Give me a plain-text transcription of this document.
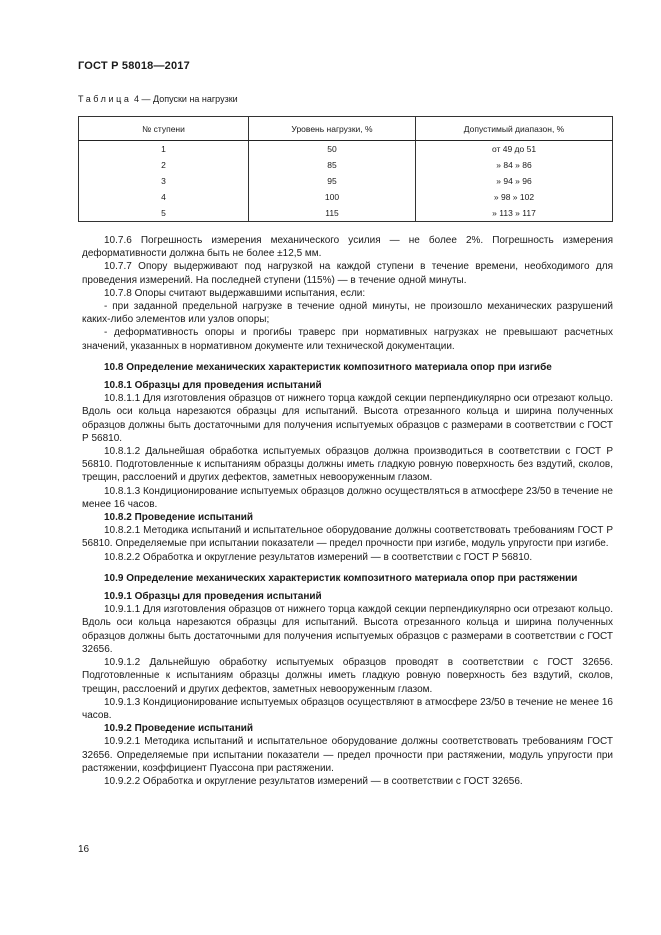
ГОСТ Р 58018—2017
Таблица 4 — Допуски на нагрузки
№ ступени	Уровень нагрузки, %	Допустимый диапазон, %
1	50	от 49 до 51
2	85	» 84 » 86
3	95	» 94 » 96
4	100	» 98 » 102
5	115	» 113 » 117

10.7.6 Погрешность измерения механического усилия — не более 2%. Погрешность измерения деформативности должна быть не более ±12,5 мм.

10.7.7 Опору выдерживают под нагрузкой на каждой ступени в течение времени, необходимого для проведения измерений. На последней ступени (115%) — в течение одной минуты.

10.7.8 Опоры считают выдержавшими испытания, если:

- при заданной предельной нагрузке в течение одной минуты, не произошло механических разрушений каких-либо элементов или узлов опоры;

- деформативность опоры и прогибы траверс при нормативных нагрузках не превышают расчетных значений, указанных в нормативном документе или технической документации.

10.8 Определение механических характеристик композитного материала опор при изгибе

10.8.1 Образцы для проведения испытаний

10.8.1.1 Для изготовления образцов от нижнего торца каждой секции перпендикулярно оси отрезают кольцо. Вдоль оси кольца нарезаются образцы для испытаний. Высота отрезанного кольца и ширина полученных образцов должны быть достаточными для получения испытуемых образцов с размерами в соответствии с ГОСТ Р 56810.

10.8.1.2 Дальнейшая обработка испытуемых образцов должна производиться в соответствии с ГОСТ Р 56810. Подготовленные к испытаниям образцы должны иметь гладкую ровную поверхность без вздутий, сколов, трещин, расслоений и других дефектов, заметных невооруженным глазом.

10.8.1.3 Кондиционирование испытуемых образцов должно осуществляться в атмосфере 23/50 в течение не менее 16 часов.

10.8.2 Проведение испытаний

10.8.2.1 Методика испытаний и испытательное оборудование должны соответствовать требованиям ГОСТ Р 56810. Определяемые при испытании показатели — предел прочности при изгибе, модуль упругости при изгибе.

10.8.2.2 Обработка и округление результатов измерений — в соответствии с ГОСТ Р 56810.

10.9 Определение механических характеристик композитного материала опор при растяжении

10.9.1 Образцы для проведения испытаний

10.9.1.1 Для изготовления образцов от нижнего торца каждой секции перпендикулярно оси отрезают кольцо. Вдоль оси кольца нарезаются образцы для испытаний. Высота отрезанного кольца и ширина полученных образцов должны быть достаточными для получения испытуемых образцов с размерами в соответствии с ГОСТ 32656.

10.9.1.2 Дальнейшую обработку испытуемых образцов проводят в соответствии с ГОСТ 32656. Подготовленные к испытаниям образцы должны иметь гладкую ровную поверхность без вздутий, сколов, трещин, расслоений и других дефектов, заметных невооруженным глазом.

10.9.1.3 Кондиционирование испытуемых образцов осуществляют в атмосфере 23/50 в течение не менее 16 часов.

10.9.2 Проведение испытаний

10.9.2.1 Методика испытаний и испытательное оборудование должны соответствовать требованиям ГОСТ 32656. Определяемые при испытании показатели — предел прочности при растяжении, модуль упругости при растяжении, коэффициент Пуассона при растяжении.

10.9.2.2 Обработка и округление результатов измерений — в соответствии с ГОСТ 32656.

16
